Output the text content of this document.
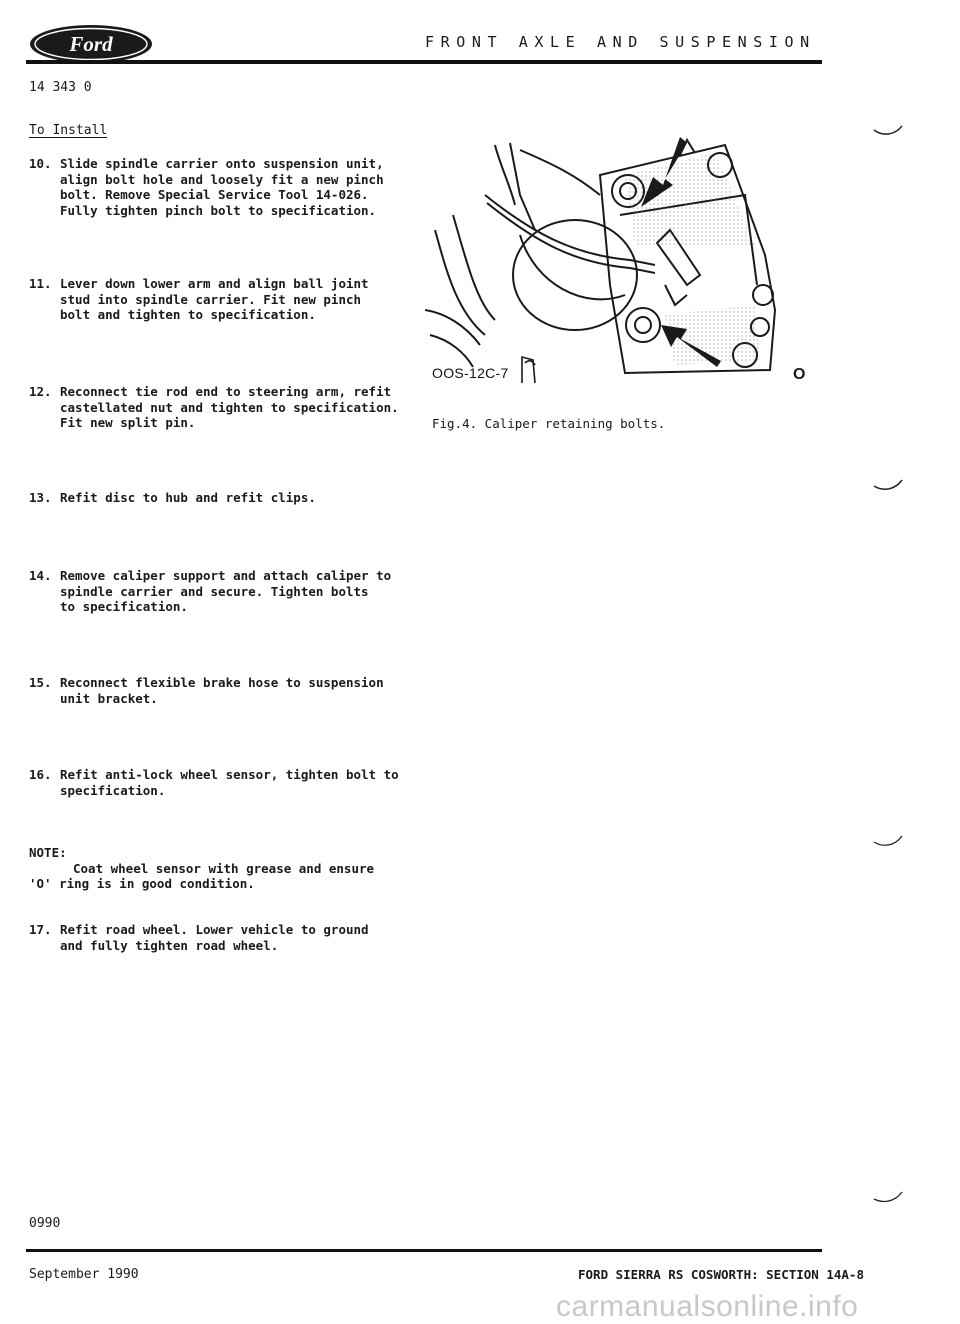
Ford	FRONT AXLE AND SUSPENSION
14 343 0
To Install
10. Slide spindle carrier onto suspension unit,
align bolt hole and loosely fit a new pinch
bolt. Remove Special Service Tool 14-026.
Fully tighten pinch bolt to specification.
11. Lever down lower arm and align ball joint
stud into spindle carrier. Fit new pinch
bolt and tighten to specification.
12. Reconnect tie rod end to steering arm, refit
castellated nut and tighten to specification.
Fit new split pin.
13. Refit disc to hub and refit clips.
14. Remove caliper support and attach caliper to
spindle carrier and secure. Tighten bolts
to specification.
15. Reconnect flexible brake hose to suspension
unit bracket.
16. Refit anti-lock wheel sensor, tighten bolt to
specification.
NOTE:

Coat wheel sensor with grease and ensure
'O' ring is in good condition.

17. Refit road wheel. Lower vehicle to ground
and fully tighten road wheel.
OOS-12C-7	O
Fig.4. Caliper retaining bolts.
0990
September 1990	FORD SIERRA RS COSWORTH: SECTION 14A-8
carmanualsonline.info
